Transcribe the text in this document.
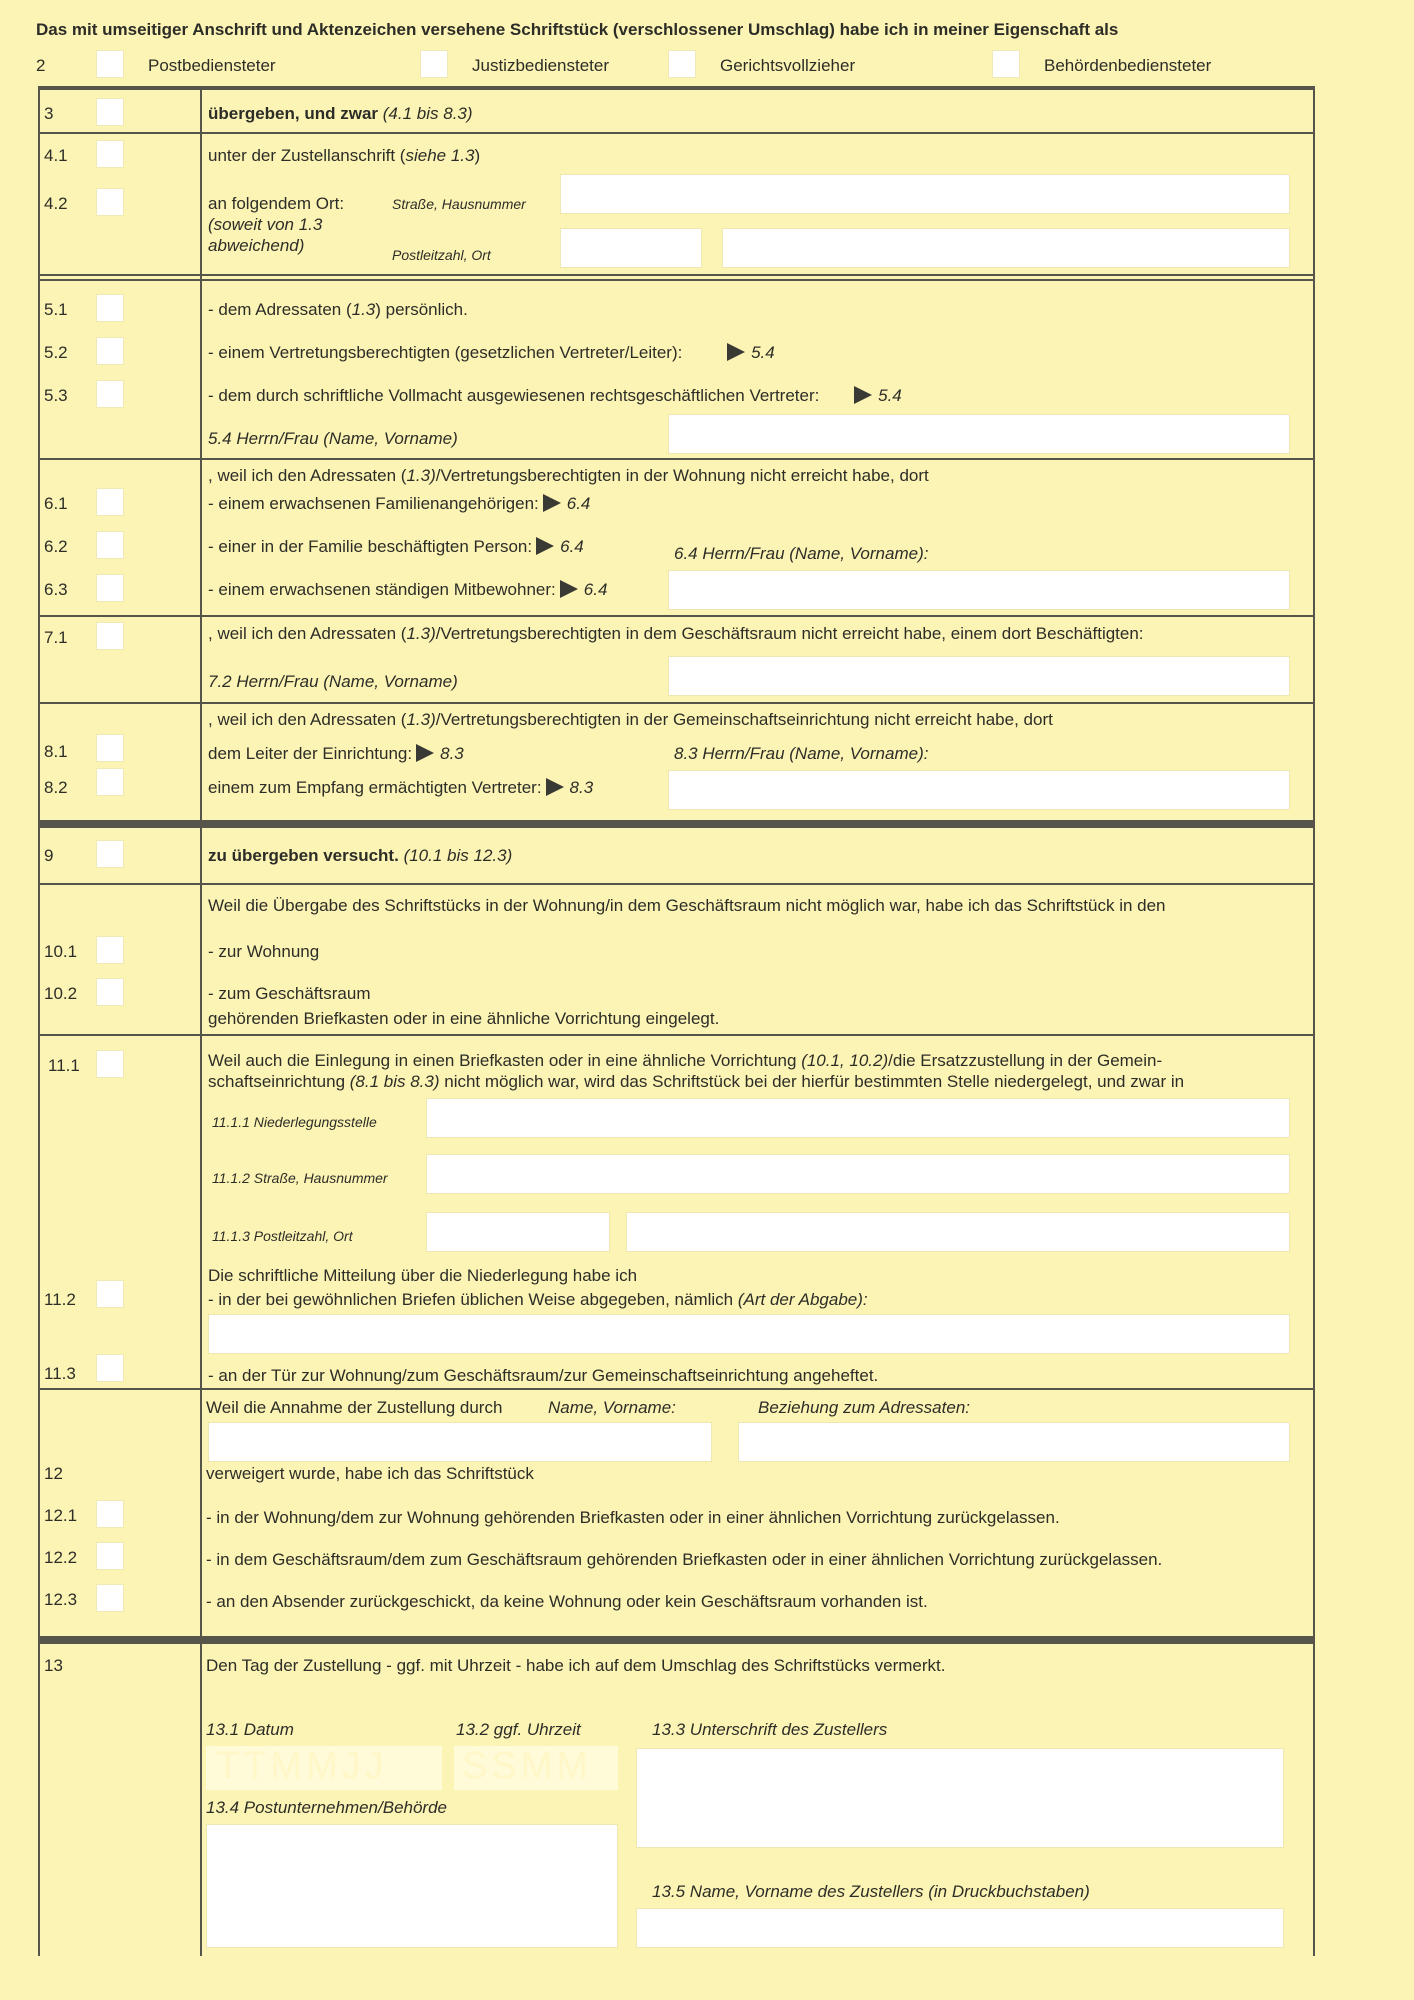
Das mit umseitiger Anschrift und Aktenzeichen versehene Schriftstück (verschlossener Umschlag) habe ich in meiner Eigenschaft als
2	Postbediensteter	Justizbediensteter	Gerichtsvollzieher	Behördenbediensteter
3	übergeben, und zwar (4.1 bis 8.3)
4.1	unter der Zustellanschrift (siehe 1.3)
4.2	an folgendem Ort:
(soweit von 1.3
abweichend)
Straße, Hausnummer
Postleitzahl, Ort
5.1	- dem Adressaten (1.3) persönlich.
5.2	- einem Vertretungsberechtigten (gesetzlichen Vertreter/Leiter):	5.4
5.3	- dem durch schriftliche Vollmacht ausgewiesenen rechtsgeschäftlichen Vertreter:	5.4
5.4 Herrn/Frau (Name, Vorname)
, weil ich den Adressaten (1.3)/Vertretungsberechtigten in der Wohnung nicht erreicht habe, dort
6.1	- einem erwachsenen Familienangehörigen: 6.4
6.2	- einer in der Familie beschäftigten Person: 6.4	6.4 Herrn/Frau (Name, Vorname):
6.3	- einem erwachsenen ständigen Mitbewohner: 6.4
7.1	, weil ich den Adressaten (1.3)/Vertretungsberechtigten in dem Geschäftsraum nicht erreicht habe, einem dort Beschäftigten:
7.2 Herrn/Frau (Name, Vorname)
, weil ich den Adressaten (1.3)/Vertretungsberechtigten in der Gemeinschaftseinrichtung nicht erreicht habe, dort
8.1	dem Leiter der Einrichtung: 8.3	8.3 Herrn/Frau (Name, Vorname):
8.2	einem zum Empfang ermächtigten Vertreter: 8.3
9	zu übergeben versucht. (10.1 bis 12.3)
Weil die Übergabe des Schriftstücks in der Wohnung/in dem Geschäftsraum nicht möglich war, habe ich das Schriftstück in den
10.1	- zur Wohnung
10.2	- zum Geschäftsraum
gehörenden Briefkasten oder in eine ähnliche Vorrichtung eingelegt.
11.1	Weil auch die Einlegung in einen Briefkasten oder in eine ähnliche Vorrichtung (10.1, 10.2)/die Ersatzzustellung in der Gemein-
schaftseinrichtung (8.1 bis 8.3) nicht möglich war, wird das Schriftstück bei der hierfür bestimmten Stelle niedergelegt, und zwar in
11.1.1 Niederlegungsstelle
11.1.2 Straße, Hausnummer
11.1.3 Postleitzahl, Ort
Die schriftliche Mitteilung über die Niederlegung habe ich
11.2	- in der bei gewöhnlichen Briefen üblichen Weise abgegeben, nämlich (Art der Abgabe):
11.3	- an der Tür zur Wohnung/zum Geschäftsraum/zur Gemeinschaftseinrichtung angeheftet.
Weil die Annahme der Zustellung durch	Name, Vorname:	Beziehung zum Adressaten:
12	verweigert wurde, habe ich das Schriftstück
12.1	- in der Wohnung/dem zur Wohnung gehörenden Briefkasten oder in einer ähnlichen Vorrichtung zurückgelassen.
12.2	- in dem Geschäftsraum/dem zum Geschäftsraum gehörenden Briefkasten oder in einer ähnlichen Vorrichtung zurückgelassen.
12.3	- an den Absender zurückgeschickt, da keine Wohnung oder kein Geschäftsraum vorhanden ist.
13	Den Tag der Zustellung - ggf. mit Uhrzeit - habe ich auf dem Umschlag des Schriftstücks vermerkt.
13.1 Datum	13.2 ggf. Uhrzeit	13.3 Unterschrift des Zustellers
TTMMJJ SSMM
13.4 Postunternehmen/Behörde
13.5 Name, Vorname des Zustellers (in Druckbuchstaben)
